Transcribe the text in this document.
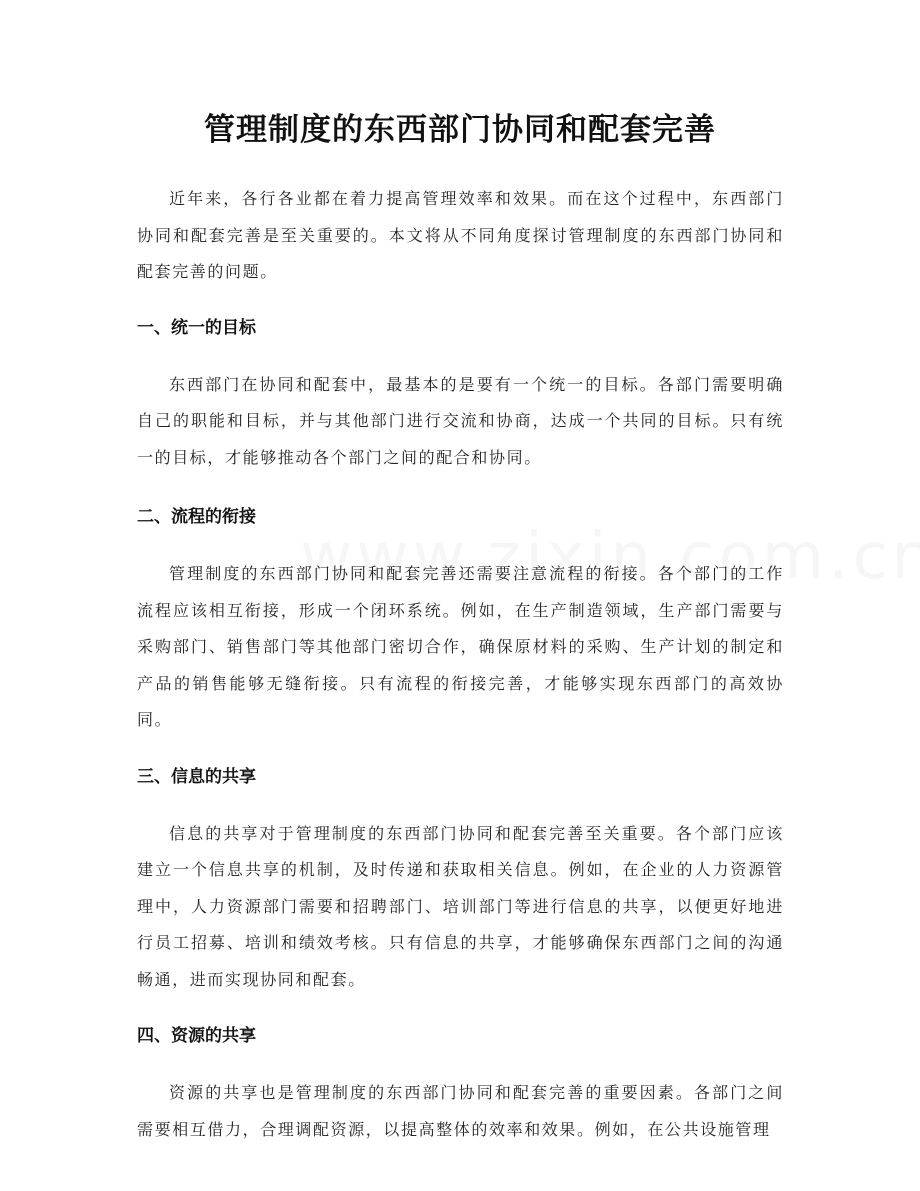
管理制度的东西部门协同和配套完善

近年来，各行各业都在着力提高管理效率和效果。而在这个过程中，东西部门协同和配套完善是至关重要的。本文将从不同角度探讨管理制度的东西部门协同和配套完善的问题。

一、统一的目标

东西部门在协同和配套中，最基本的是要有一个统一的目标。各部门需要明确自己的职能和目标，并与其他部门进行交流和协商，达成一个共同的目标。只有统一的目标，才能够推动各个部门之间的配合和协同。

二、流程的衔接

管理制度的东西部门协同和配套完善还需要注意流程的衔接。各个部门的工作流程应该相互衔接，形成一个闭环系统。例如，在生产制造领域，生产部门需要与采购部门、销售部门等其他部门密切合作，确保原材料的采购、生产计划的制定和产品的销售能够无缝衔接。只有流程的衔接完善，才能够实现东西部门的高效协同。

三、信息的共享

信息的共享对于管理制度的东西部门协同和配套完善至关重要。各个部门应该建立一个信息共享的机制，及时传递和获取相关信息。例如，在企业的人力资源管理中，人力资源部门需要和招聘部门、培训部门等进行信息的共享，以便更好地进行员工招募、培训和绩效考核。只有信息的共享，才能够确保东西部门之间的沟通畅通，进而实现协同和配套。

四、资源的共享

资源的共享也是管理制度的东西部门协同和配套完善的重要因素。各部门之间需要相互借力，合理调配资源，以提高整体的效率和效果。例如，在公共设施管理
